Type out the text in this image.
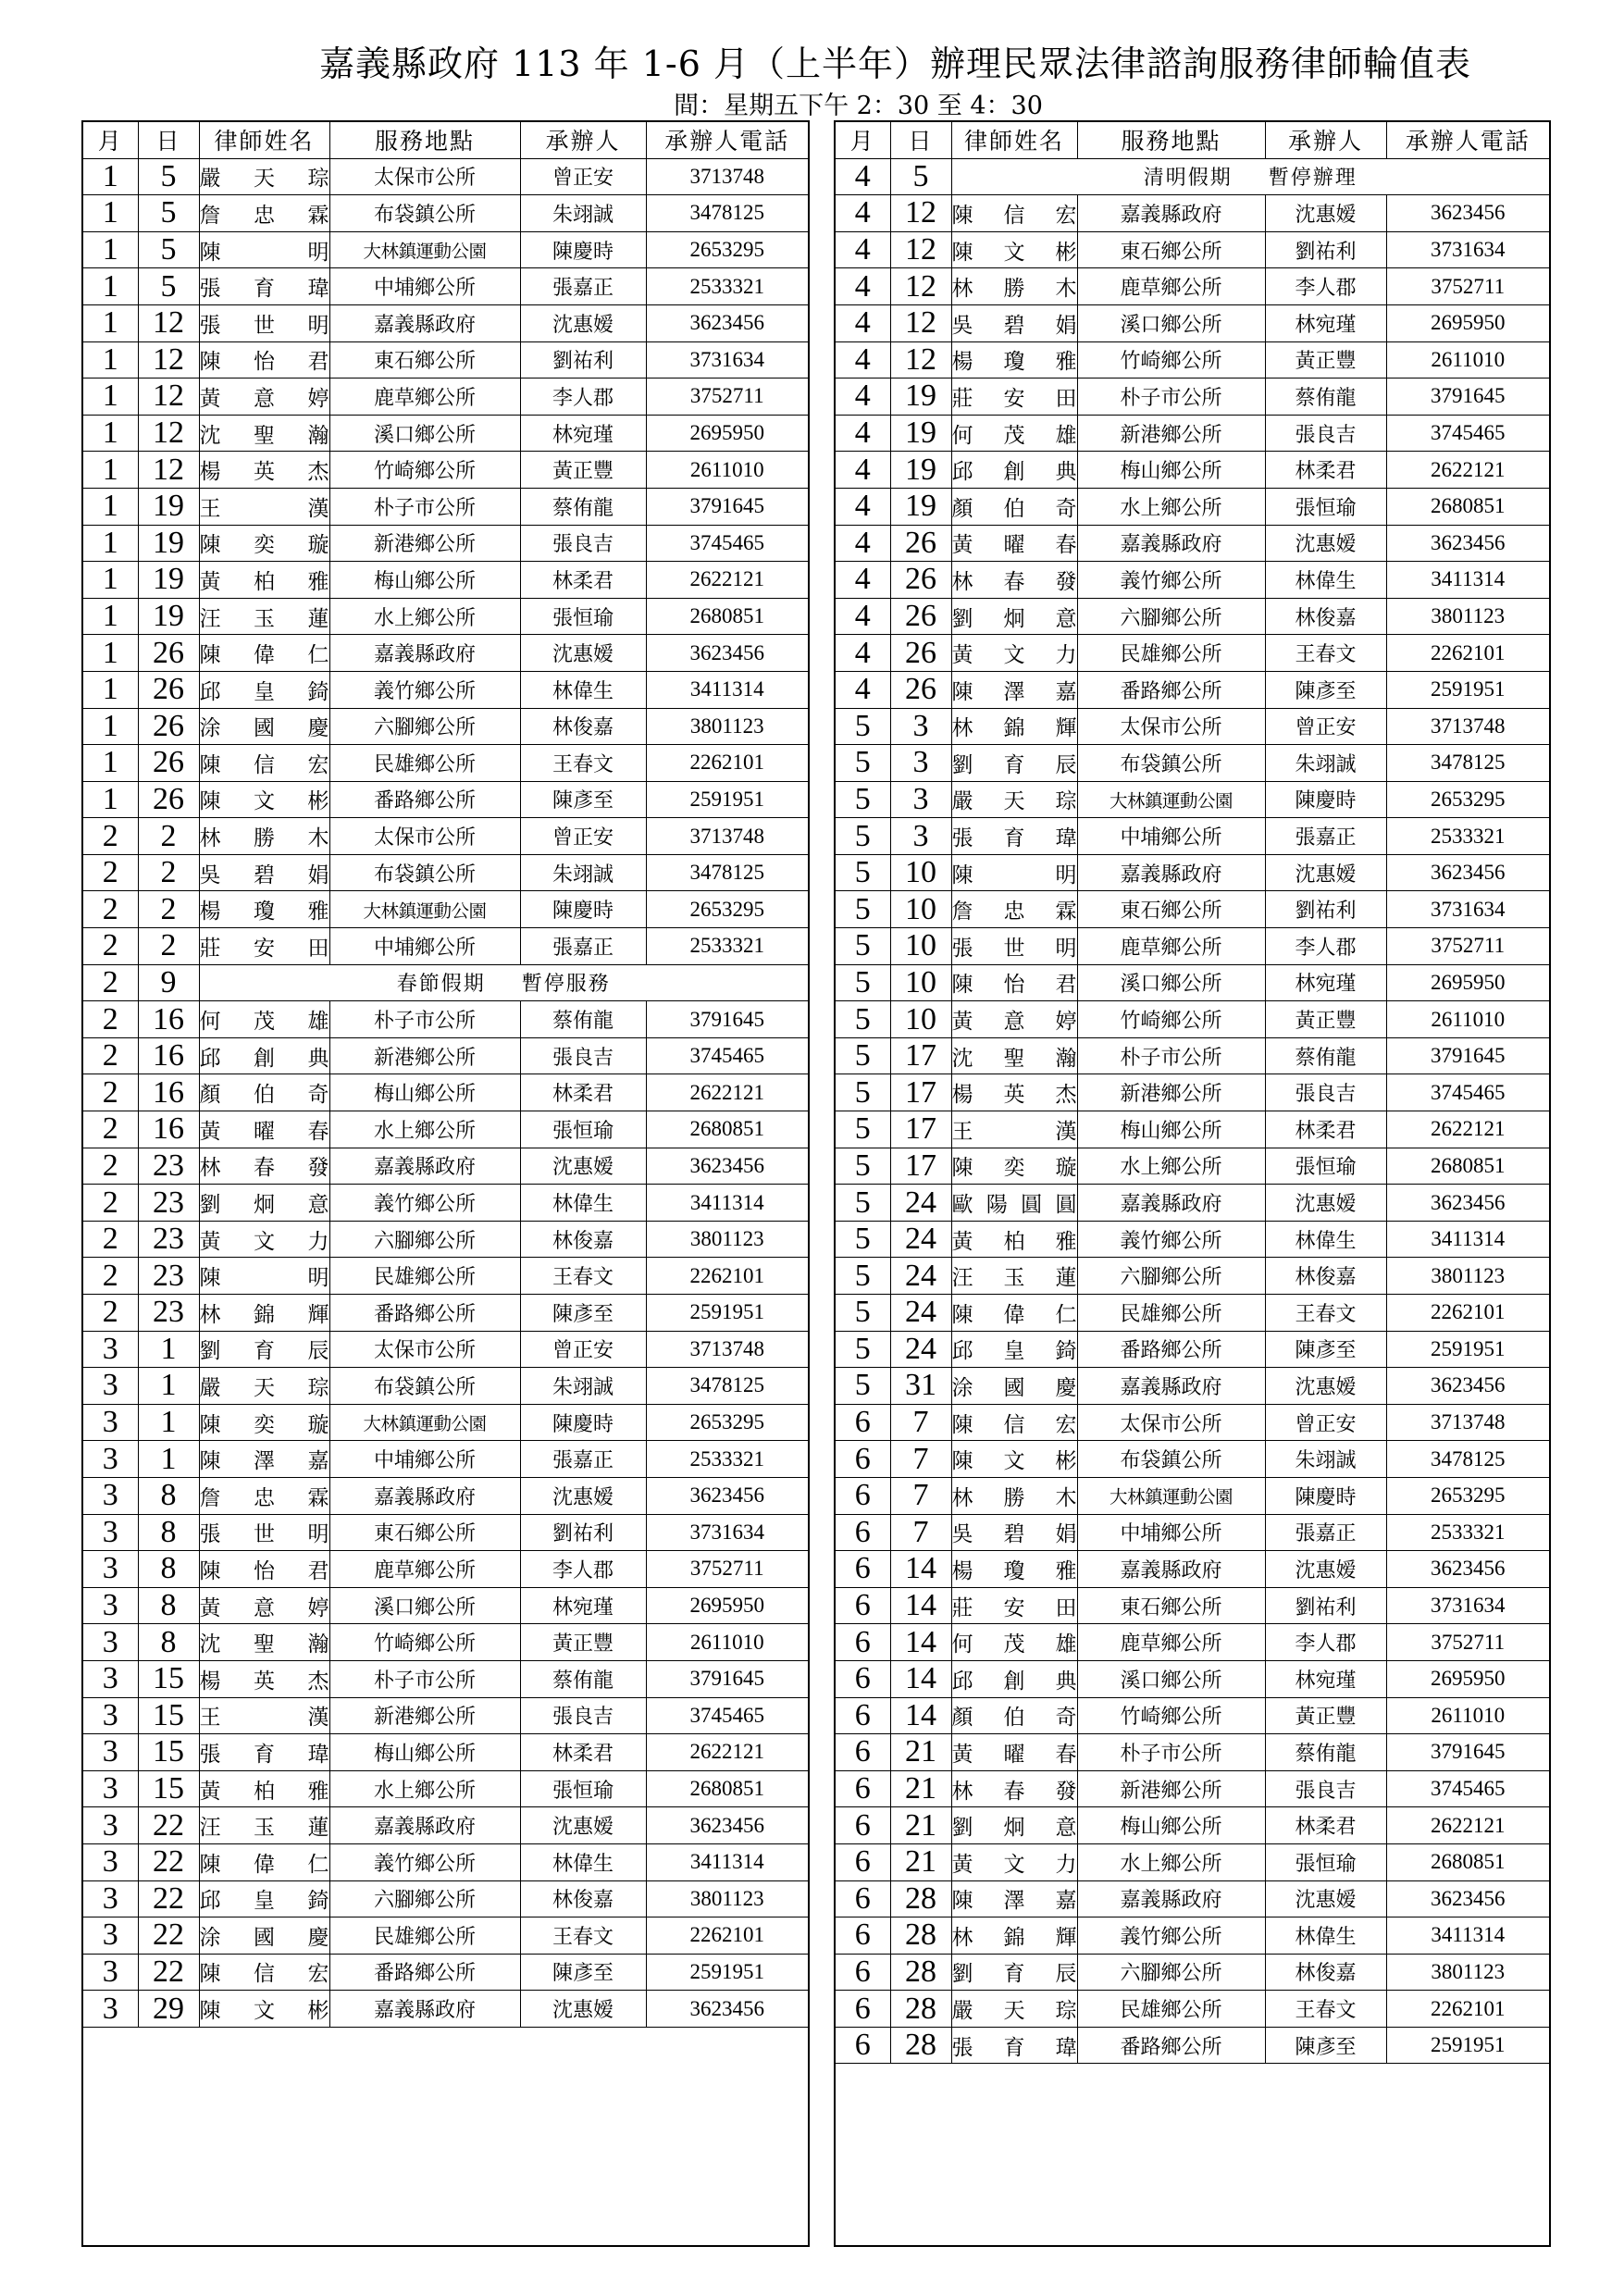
嘉義縣政府 113 年 1-6 月（上半年）辦理民眾法律諮詢服務律師輪值表
間：星期五下午 2：30 至 4：30
月	日	律師姓名	服務地點	承辦人	承辦人電話
1	5	嚴天琮	太保市公所	曾正安	3713748
1	5	詹忠霖	布袋鎮公所	朱翊誠	3478125
1	5	陳明	大林鎮運動公園	陳慶時	2653295
1	5	張育瑋	中埔鄉公所	張嘉正	2533321
1	12	張世明	嘉義縣政府	沈惠嫒	3623456
1	12	陳怡君	東石鄉公所	劉祐利	3731634
1	12	黃意婷	鹿草鄉公所	李人郡	3752711
1	12	沈聖瀚	溪口鄉公所	林宛瑾	2695950
1	12	楊英杰	竹崎鄉公所	黃正豐	2611010
1	19	王漢	朴子市公所	蔡侑龍	3791645
1	19	陳奕璇	新港鄉公所	張良吉	3745465
1	19	黃柏雅	梅山鄉公所	林柔君	2622121
1	19	汪玉蓮	水上鄉公所	張恒瑜	2680851
1	26	陳偉仁	嘉義縣政府	沈惠嫒	3623456
1	26	邱皇錡	義竹鄉公所	林偉生	3411314
1	26	涂國慶	六腳鄉公所	林俊嘉	3801123
1	26	陳信宏	民雄鄉公所	王春文	2262101
1	26	陳文彬	番路鄉公所	陳彥至	2591951
2	2	林勝木	太保市公所	曾正安	3713748
2	2	吳碧娟	布袋鎮公所	朱翊誠	3478125
2	2	楊瓊雅	大林鎮運動公園	陳慶時	2653295
2	2	莊安田	中埔鄉公所	張嘉正	2533321
2	9	春節假期 暫停服務			
2	16	何茂雄	朴子市公所	蔡侑龍	3791645
2	16	邱創典	新港鄉公所	張良吉	3745465
2	16	顏伯奇	梅山鄉公所	林柔君	2622121
2	16	黃曜春	水上鄉公所	張恒瑜	2680851
2	23	林春發	嘉義縣政府	沈惠嫒	3623456
2	23	劉炯意	義竹鄉公所	林偉生	3411314
2	23	黃文力	六腳鄉公所	林俊嘉	3801123
2	23	陳明	民雄鄉公所	王春文	2262101
2	23	林錦輝	番路鄉公所	陳彥至	2591951
3	1	劉育辰	太保市公所	曾正安	3713748
3	1	嚴天琮	布袋鎮公所	朱翊誠	3478125
3	1	陳奕璇	大林鎮運動公園	陳慶時	2653295
3	1	陳澤嘉	中埔鄉公所	張嘉正	2533321
3	8	詹忠霖	嘉義縣政府	沈惠嫒	3623456
3	8	張世明	東石鄉公所	劉祐利	3731634
3	8	陳怡君	鹿草鄉公所	李人郡	3752711
3	8	黃意婷	溪口鄉公所	林宛瑾	2695950
3	8	沈聖瀚	竹崎鄉公所	黃正豐	2611010
3	15	楊英杰	朴子市公所	蔡侑龍	3791645
3	15	王漢	新港鄉公所	張良吉	3745465
3	15	張育瑋	梅山鄉公所	林柔君	2622121
3	15	黃柏雅	水上鄉公所	張恒瑜	2680851
3	22	汪玉蓮	嘉義縣政府	沈惠嫒	3623456
3	22	陳偉仁	義竹鄉公所	林偉生	3411314
3	22	邱皇錡	六腳鄉公所	林俊嘉	3801123
3	22	涂國慶	民雄鄉公所	王春文	2262101
3	22	陳信宏	番路鄉公所	陳彥至	2591951
3	29	陳文彬	嘉義縣政府	沈惠嫒	3623456
月	日	律師姓名	服務地點	承辦人	承辦人電話
4	5	清明假期 暫停辦理			
4	12	陳信宏	嘉義縣政府	沈惠嫒	3623456
4	12	陳文彬	東石鄉公所	劉祐利	3731634
4	12	林勝木	鹿草鄉公所	李人郡	3752711
4	12	吳碧娟	溪口鄉公所	林宛瑾	2695950
4	12	楊瓊雅	竹崎鄉公所	黃正豐	2611010
4	19	莊安田	朴子市公所	蔡侑龍	3791645
4	19	何茂雄	新港鄉公所	張良吉	3745465
4	19	邱創典	梅山鄉公所	林柔君	2622121
4	19	顏伯奇	水上鄉公所	張恒瑜	2680851
4	26	黃曜春	嘉義縣政府	沈惠嫒	3623456
4	26	林春發	義竹鄉公所	林偉生	3411314
4	26	劉炯意	六腳鄉公所	林俊嘉	3801123
4	26	黃文力	民雄鄉公所	王春文	2262101
4	26	陳澤嘉	番路鄉公所	陳彥至	2591951
5	3	林錦輝	太保市公所	曾正安	3713748
5	3	劉育辰	布袋鎮公所	朱翊誠	3478125
5	3	嚴天琮	大林鎮運動公園	陳慶時	2653295
5	3	張育瑋	中埔鄉公所	張嘉正	2533321
5	10	陳明	嘉義縣政府	沈惠嫒	3623456
5	10	詹忠霖	東石鄉公所	劉祐利	3731634
5	10	張世明	鹿草鄉公所	李人郡	3752711
5	10	陳怡君	溪口鄉公所	林宛瑾	2695950
5	10	黃意婷	竹崎鄉公所	黃正豐	2611010
5	17	沈聖瀚	朴子市公所	蔡侑龍	3791645
5	17	楊英杰	新港鄉公所	張良吉	3745465
5	17	王漢	梅山鄉公所	林柔君	2622121
5	17	陳奕璇	水上鄉公所	張恒瑜	2680851
5	24	歐陽圓圓	嘉義縣政府	沈惠嫒	3623456
5	24	黃柏雅	義竹鄉公所	林偉生	3411314
5	24	汪玉蓮	六腳鄉公所	林俊嘉	3801123
5	24	陳偉仁	民雄鄉公所	王春文	2262101
5	24	邱皇錡	番路鄉公所	陳彥至	2591951
5	31	涂國慶	嘉義縣政府	沈惠嫒	3623456
6	7	陳信宏	太保市公所	曾正安	3713748
6	7	陳文彬	布袋鎮公所	朱翊誠	3478125
6	7	林勝木	大林鎮運動公園	陳慶時	2653295
6	7	吳碧娟	中埔鄉公所	張嘉正	2533321
6	14	楊瓊雅	嘉義縣政府	沈惠嫒	3623456
6	14	莊安田	東石鄉公所	劉祐利	3731634
6	14	何茂雄	鹿草鄉公所	李人郡	3752711
6	14	邱創典	溪口鄉公所	林宛瑾	2695950
6	14	顏伯奇	竹崎鄉公所	黃正豐	2611010
6	21	黃曜春	朴子市公所	蔡侑龍	3791645
6	21	林春發	新港鄉公所	張良吉	3745465
6	21	劉炯意	梅山鄉公所	林柔君	2622121
6	21	黃文力	水上鄉公所	張恒瑜	2680851
6	28	陳澤嘉	嘉義縣政府	沈惠嫒	3623456
6	28	林錦輝	義竹鄉公所	林偉生	3411314
6	28	劉育辰	六腳鄉公所	林俊嘉	3801123
6	28	嚴天琮	民雄鄉公所	王春文	2262101
6	28	張育瑋	番路鄉公所	陳彥至	2591951
